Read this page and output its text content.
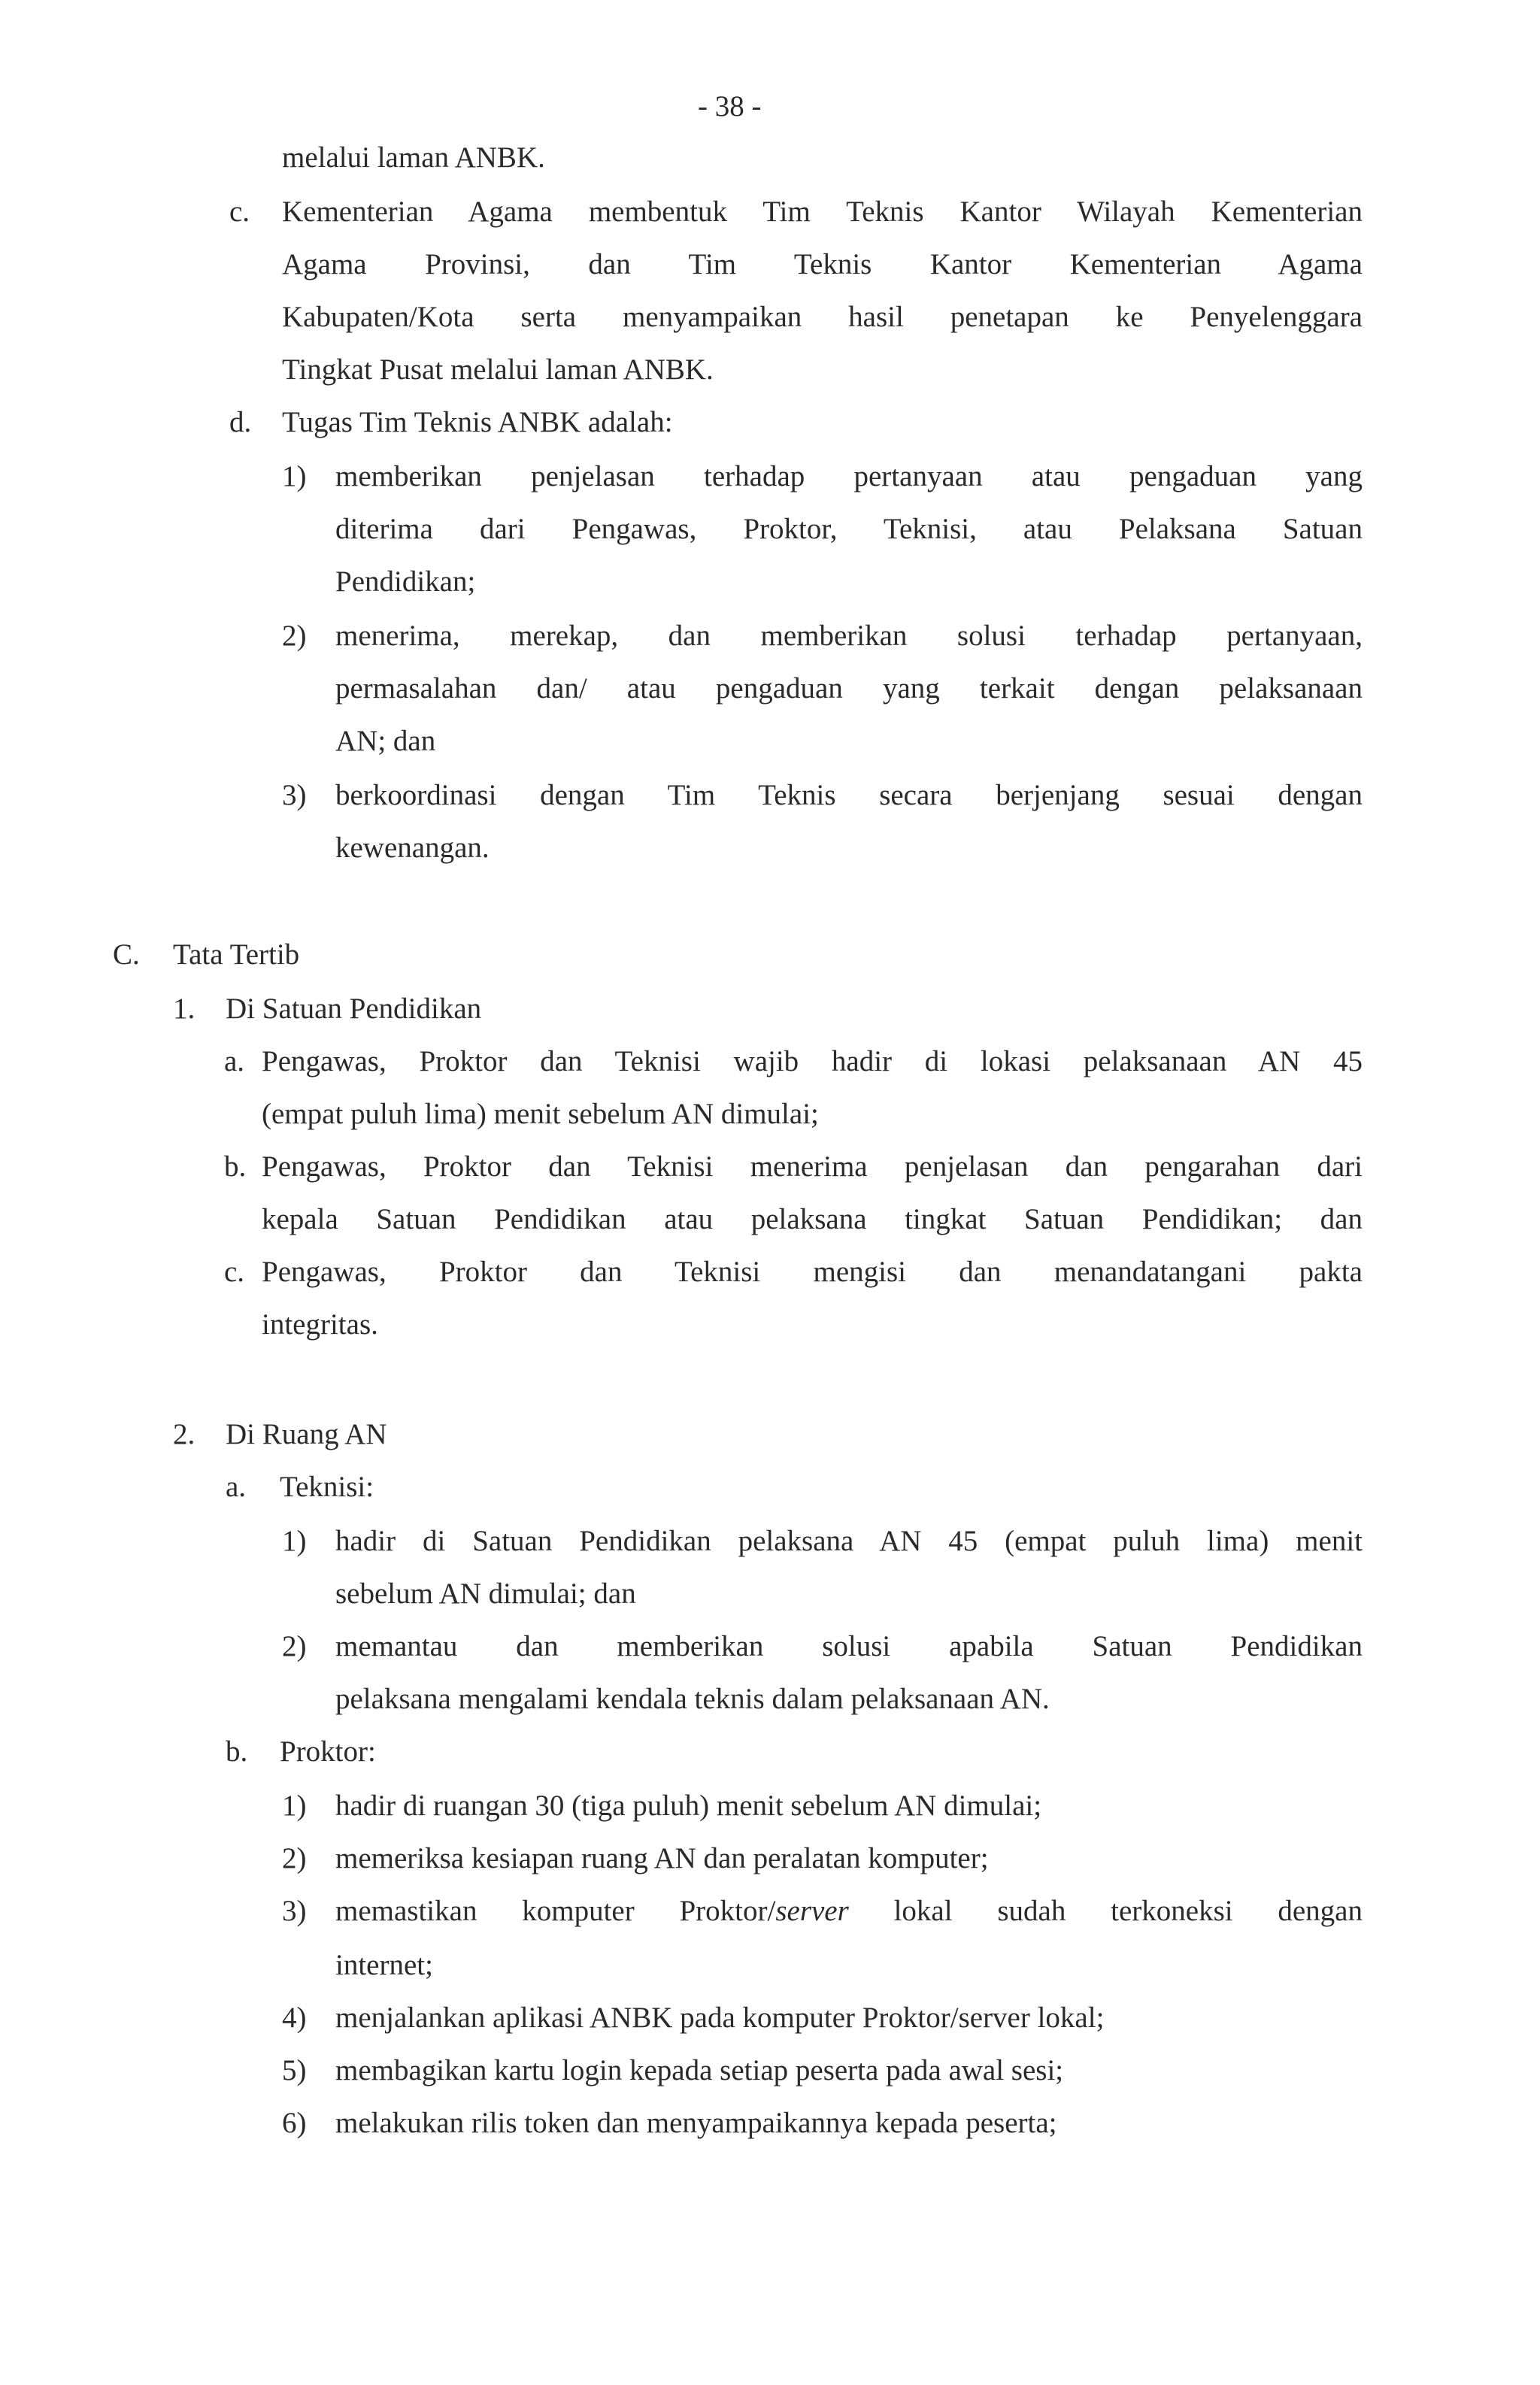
- 38 -
melalui laman ANBK.
c. Kementerian Agama membentuk Tim Teknis Kantor Wilayah Kementerian
Agama Provinsi, dan Tim Teknis Kantor Kementerian Agama
Kabupaten/Kota serta menyampaikan hasil penetapan ke Penyelenggara
Tingkat Pusat melalui laman ANBK.
d. Tugas Tim Teknis ANBK adalah:
1) memberikan penjelasan terhadap pertanyaan atau pengaduan yang
diterima dari Pengawas, Proktor, Teknisi, atau Pelaksana Satuan
Pendidikan;
2) menerima, merekap, dan memberikan solusi terhadap pertanyaan,
permasalahan dan/ atau pengaduan yang terkait dengan pelaksanaan
AN; dan
3) berkoordinasi dengan Tim Teknis secara berjenjang sesuai dengan
kewenangan.
C. Tata Tertib
1. Di Satuan Pendidikan
a. Pengawas, Proktor dan Teknisi wajib hadir di lokasi pelaksanaan AN 45
(empat puluh lima) menit sebelum AN dimulai;
b. Pengawas, Proktor dan Teknisi menerima penjelasan dan pengarahan dari
kepala Satuan Pendidikan atau pelaksana tingkat Satuan Pendidikan; dan
c. Pengawas, Proktor dan Teknisi mengisi dan menandatangani pakta
integritas.
2. Di Ruang AN
a. Teknisi:
1) hadir di Satuan Pendidikan pelaksana AN 45 (empat puluh lima) menit
sebelum AN dimulai; dan
2) memantau dan memberikan solusi apabila Satuan Pendidikan
pelaksana mengalami kendala teknis dalam pelaksanaan AN.
b. Proktor:
1) hadir di ruangan 30 (tiga puluh) menit sebelum AN dimulai;
2) memeriksa kesiapan ruang AN dan peralatan komputer;
3) memastikan komputer Proktor/server lokal sudah terkoneksi dengan
internet;
4) menjalankan aplikasi ANBK pada komputer Proktor/server lokal;
5) membagikan kartu login kepada setiap peserta pada awal sesi;
6) melakukan rilis token dan menyampaikannya kepada peserta;
